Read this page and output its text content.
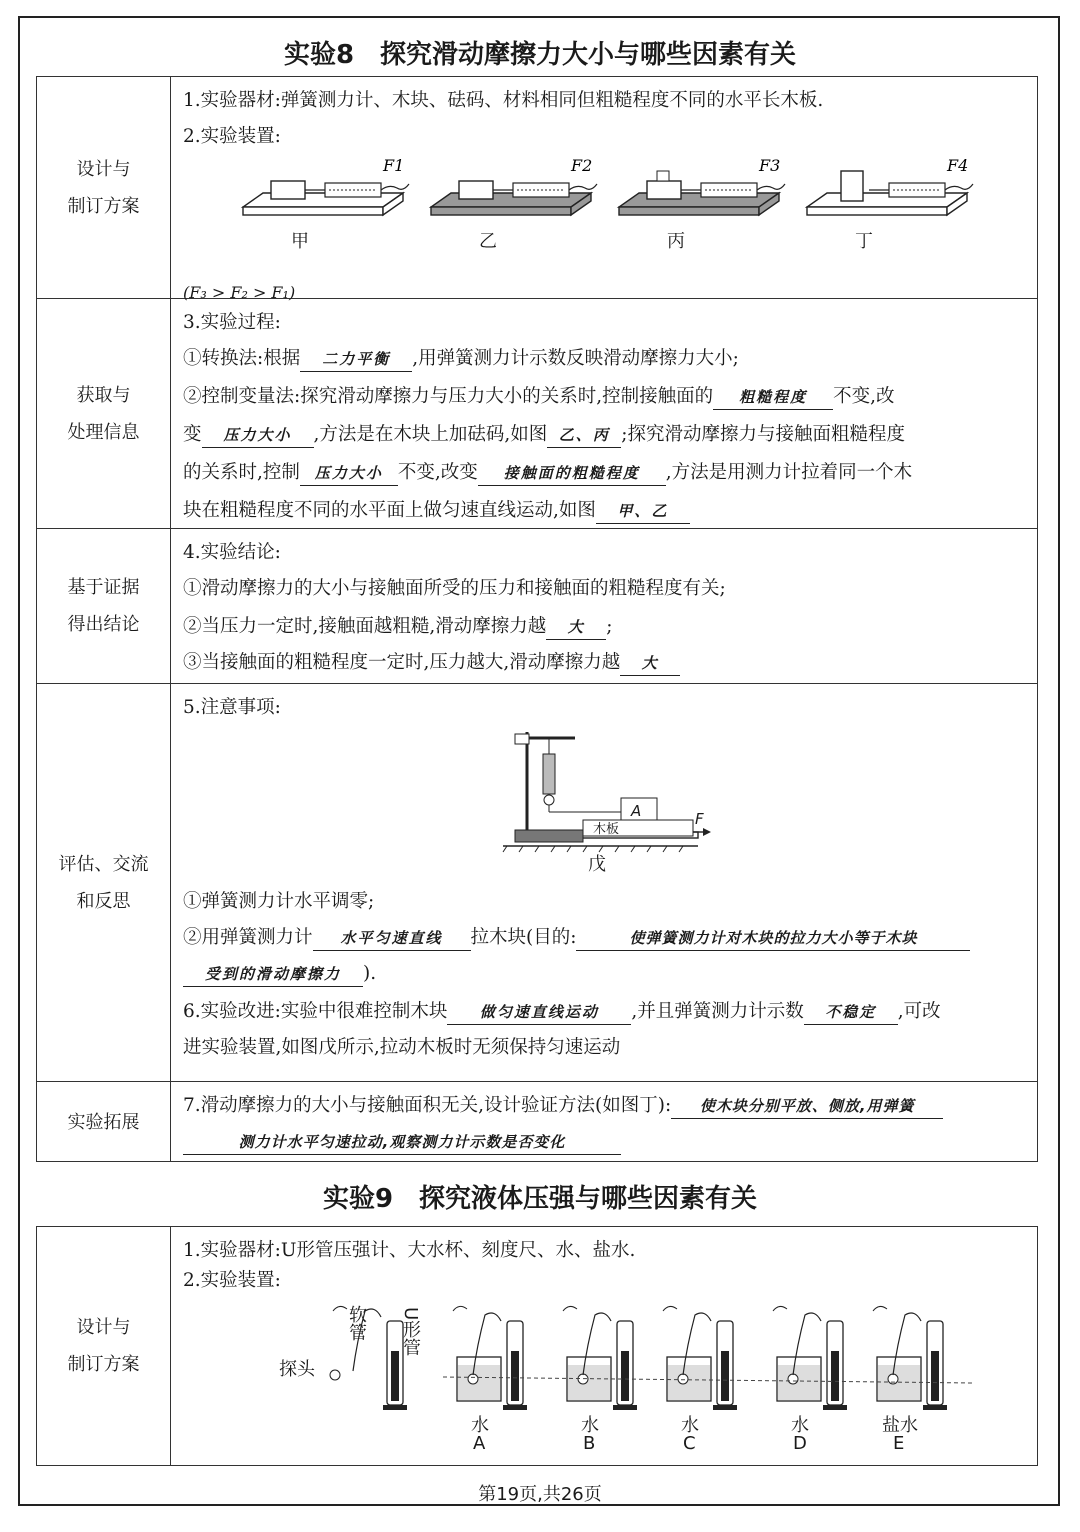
实验8　探究滑动摩擦力大小与哪些因素有关
设计与
制订方案
1.实验器材:弹簧测力计、木块、砝码、材料相同但粗糙程度不同的水平长木板.
2.实验装置:
F1	F2	F3	F4
甲	乙	丙	丁
(F₃ > F₂ > F₁)
获取与
处理信息
3.实验过程:
①转换法:根据 二力平衡 ,用弹簧测力计示数反映滑动摩擦力大小;
②控制变量法:探究滑动摩擦力与压力大小的关系时,控制接触面的 粗糙程度 不变,改
变 压力大小 ,方法是在木块上加砝码,如图 乙、丙 ;探究滑动摩擦力与接触面粗糙程度
的关系时,控制 压力大小 不变,改变 接触面的粗糙程度 ,方法是用测力计拉着同一个木
块在粗糙程度不同的水平面上做匀速直线运动,如图 甲、乙
基于证据
得出结论
4.实验结论:
①滑动摩擦力的大小与接触面所受的压力和接触面的粗糙程度有关;
②当压力一定时,接触面越粗糙,滑动摩擦力越 大 ;
③当接触面的粗糙程度一定时,压力越大,滑动摩擦力越 大
评估、交流
和反思
5.注意事项:
A
木板
F
戊
①弹簧测力计水平调零;
②用弹簧测力计 水平匀速直线 拉木块(目的:	使弹簧测力计对木块的拉力大小等于木块
受到的滑动摩擦力 ).
6.实验改进:实验中很难控制木块 做匀速直线运动 ,并且弹簧测力计示数 不稳定 ,可改
进实验装置,如图戊所示,拉动木板时无须保持匀速运动
实验拓展
7.滑动摩擦力的大小与接触面积无关,设计验证方法(如图丁): 使木块分别平放、侧放,用弹簧
测力计水平匀速拉动,观察测力计示数是否变化
实验9　探究液体压强与哪些因素有关
设计与
制订方案
1.实验器材:U形管压强计、大水杯、刻度尺、水、盐水.
2.实验装置:
软管 U形管
探头
水
A
水
B
水
C
水
D
盐水
E
第19页,共26页
